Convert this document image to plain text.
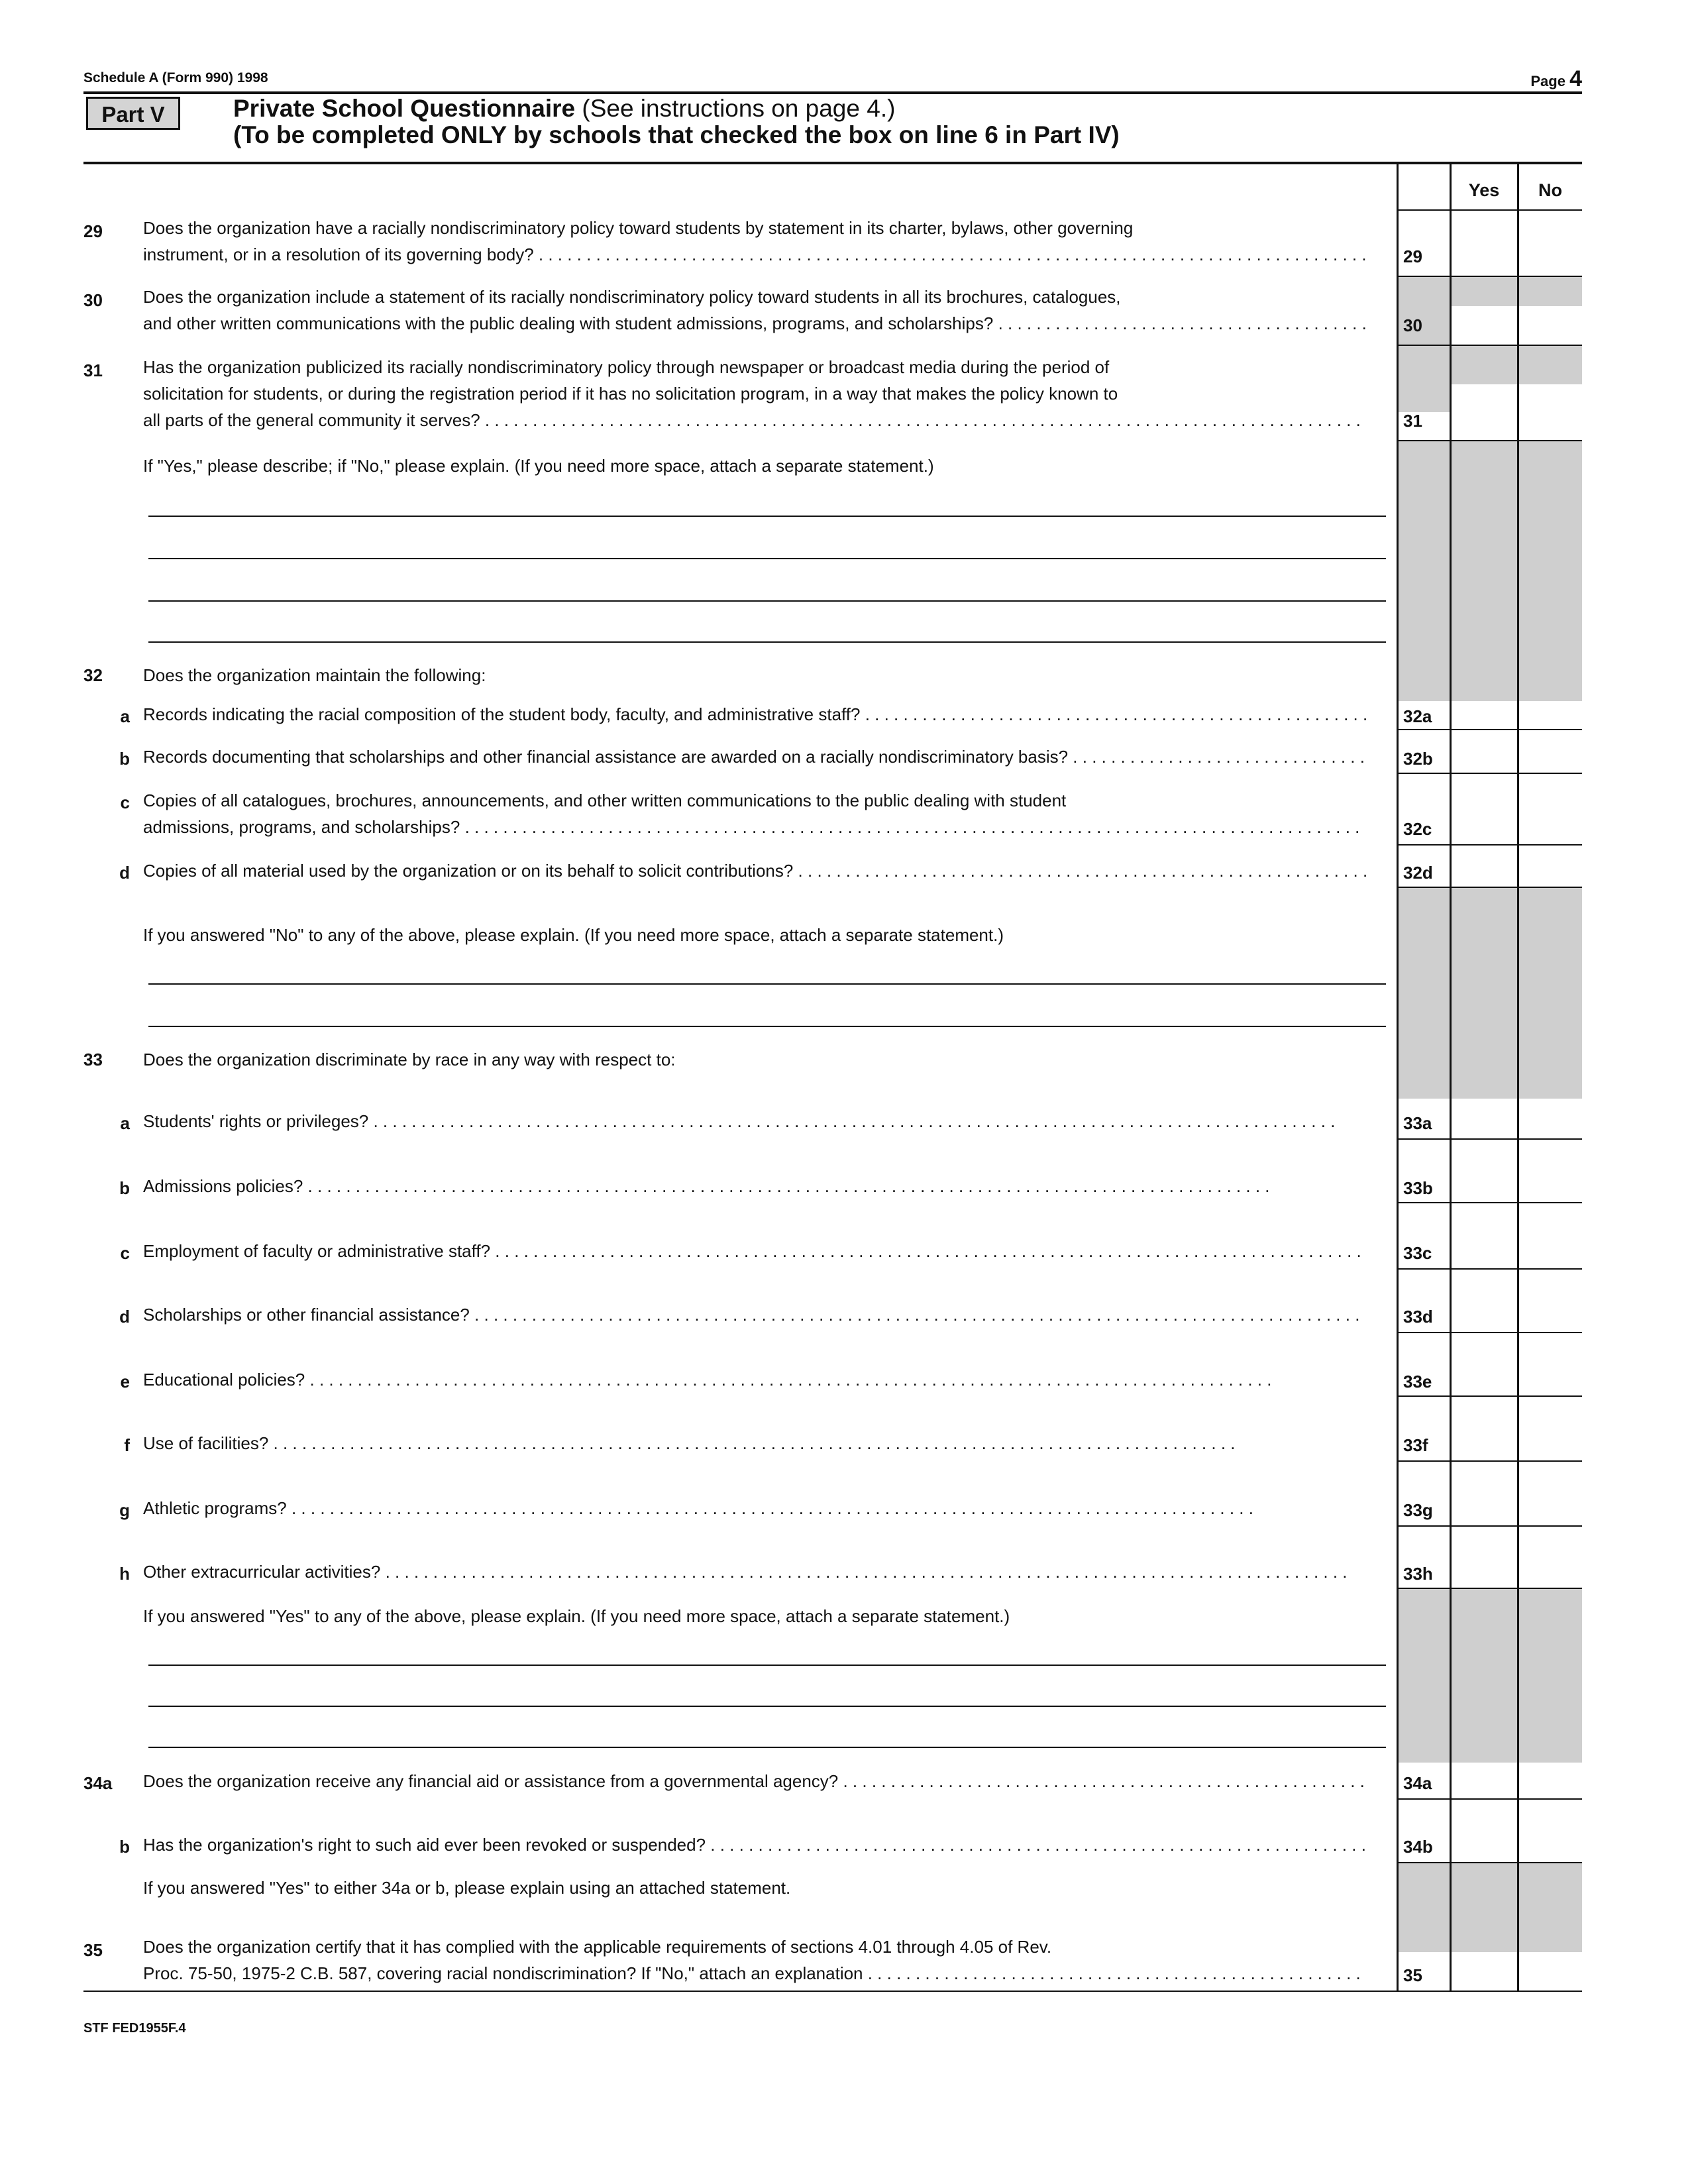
Schedule A (Form 990) 1998	Page 4
Part V	Private School Questionnaire (See instructions on page 4.)
(To be completed ONLY by schools that checked the box on line 6 in Part IV)
Yes	No
29	Does the organization have a racially nondiscriminatory policy toward students by statement in its charter, bylaws, other governing
instrument, or in a resolution of its governing body? . . .	29
30	Does the organization include a statement of its racially nondiscriminatory policy toward students in all its brochures, catalogues,
and other written communications with the public dealing with student admissions, programs, and scholarships? . . .	30
31	Has the organization publicized its racially nondiscriminatory policy through newspaper or broadcast media during the period of
solicitation for students, or during the registration period if it has no solicitation program, in a way that makes the policy known to
all parts of the general community it serves? . . .	31
If "Yes," please describe; if "No," please explain. (If you need more space, attach a separate statement.)
32	Does the organization maintain the following:
a Records indicating the racial composition of the student body, faculty, and administrative staff? . . .	32a
b Records documenting that scholarships and other financial assistance are awarded on a racially nondiscriminatory basis? . . .	32b
c Copies of all catalogues, brochures, announcements, and other written communications to the public dealing with student
admissions, programs, and scholarships? . . .	32c
d Copies of all material used by the organization or on its behalf to solicit contributions? . . .	32d
If you answered "No" to any of the above, please explain. (If you need more space, attach a separate statement.)
33	Does the organization discriminate by race in any way with respect to:
a Students' rights or privileges? . . .	33a
b Admissions policies? . . .	33b
c Employment of faculty or administrative staff? . . .	33c
d Scholarships or other financial assistance? . . .	33d
e Educational policies? . . .	33e
f Use of facilities? . . .	33f
g Athletic programs? . . .	33g
h Other extracurricular activities? . . .	33h
If you answered "Yes" to any of the above, please explain. (If you need more space, attach a separate statement.)
34a	Does the organization receive any financial aid or assistance from a governmental agency? . . .	34a
b Has the organization's right to such aid ever been revoked or suspended? . . .	34b
If you answered "Yes" to either 34a or b, please explain using an attached statement.
35	Does the organization certify that it has complied with the applicable requirements of sections 4.01 through 4.05 of Rev.
Proc. 75-50, 1975-2 C.B. 587, covering racial nondiscrimination? If "No," attach an explanation . . .	35
STF FED1955F.4
